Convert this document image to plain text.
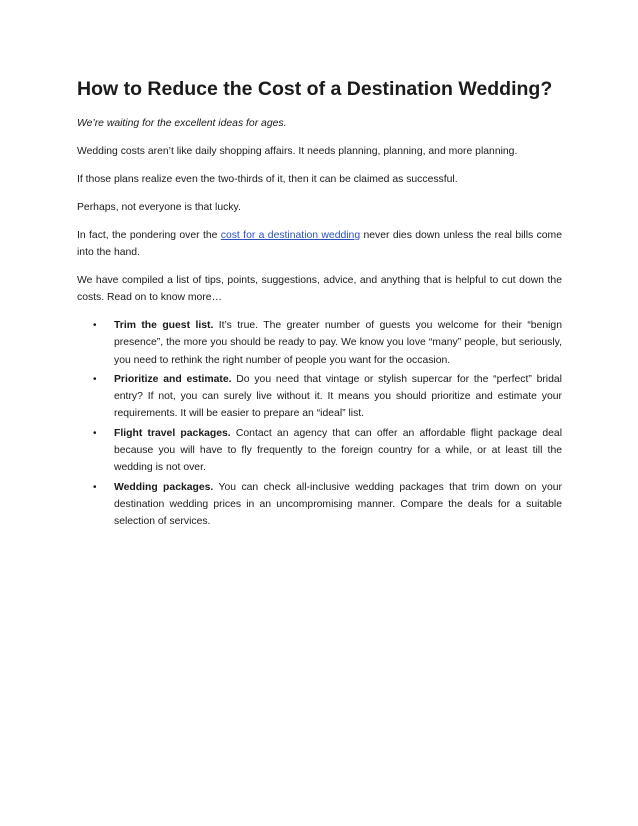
How to Reduce the Cost of a Destination Wedding?

We’re waiting for the excellent ideas for ages.

Wedding costs aren’t like daily shopping affairs. It needs planning, planning, and more planning.

If those plans realize even the two-thirds of it, then it can be claimed as successful.

Perhaps, not everyone is that lucky.

In fact, the pondering over the cost for a destination wedding never dies down unless the real bills come into the hand.

We have compiled a list of tips, points, suggestions, advice, and anything that is helpful to cut down the costs. Read on to know more…

• Trim the guest list. It’s true. The greater number of guests you welcome for their “benign presence”, the more you should be ready to pay. We know you love “many” people, but seriously, you need to rethink the right number of people you want for the occasion.
• Prioritize and estimate. Do you need that vintage or stylish supercar for the “perfect” bridal entry? If not, you can surely live without it. It means you should prioritize and estimate your requirements. It will be easier to prepare an “ideal” list.
• Flight travel packages. Contact an agency that can offer an affordable flight package deal because you will have to fly frequently to the foreign country for a while, or at least till the wedding is not over.
• Wedding packages. You can check all-inclusive wedding packages that trim down on your destination wedding prices in an uncompromising manner. Compare the deals for a suitable selection of services.
